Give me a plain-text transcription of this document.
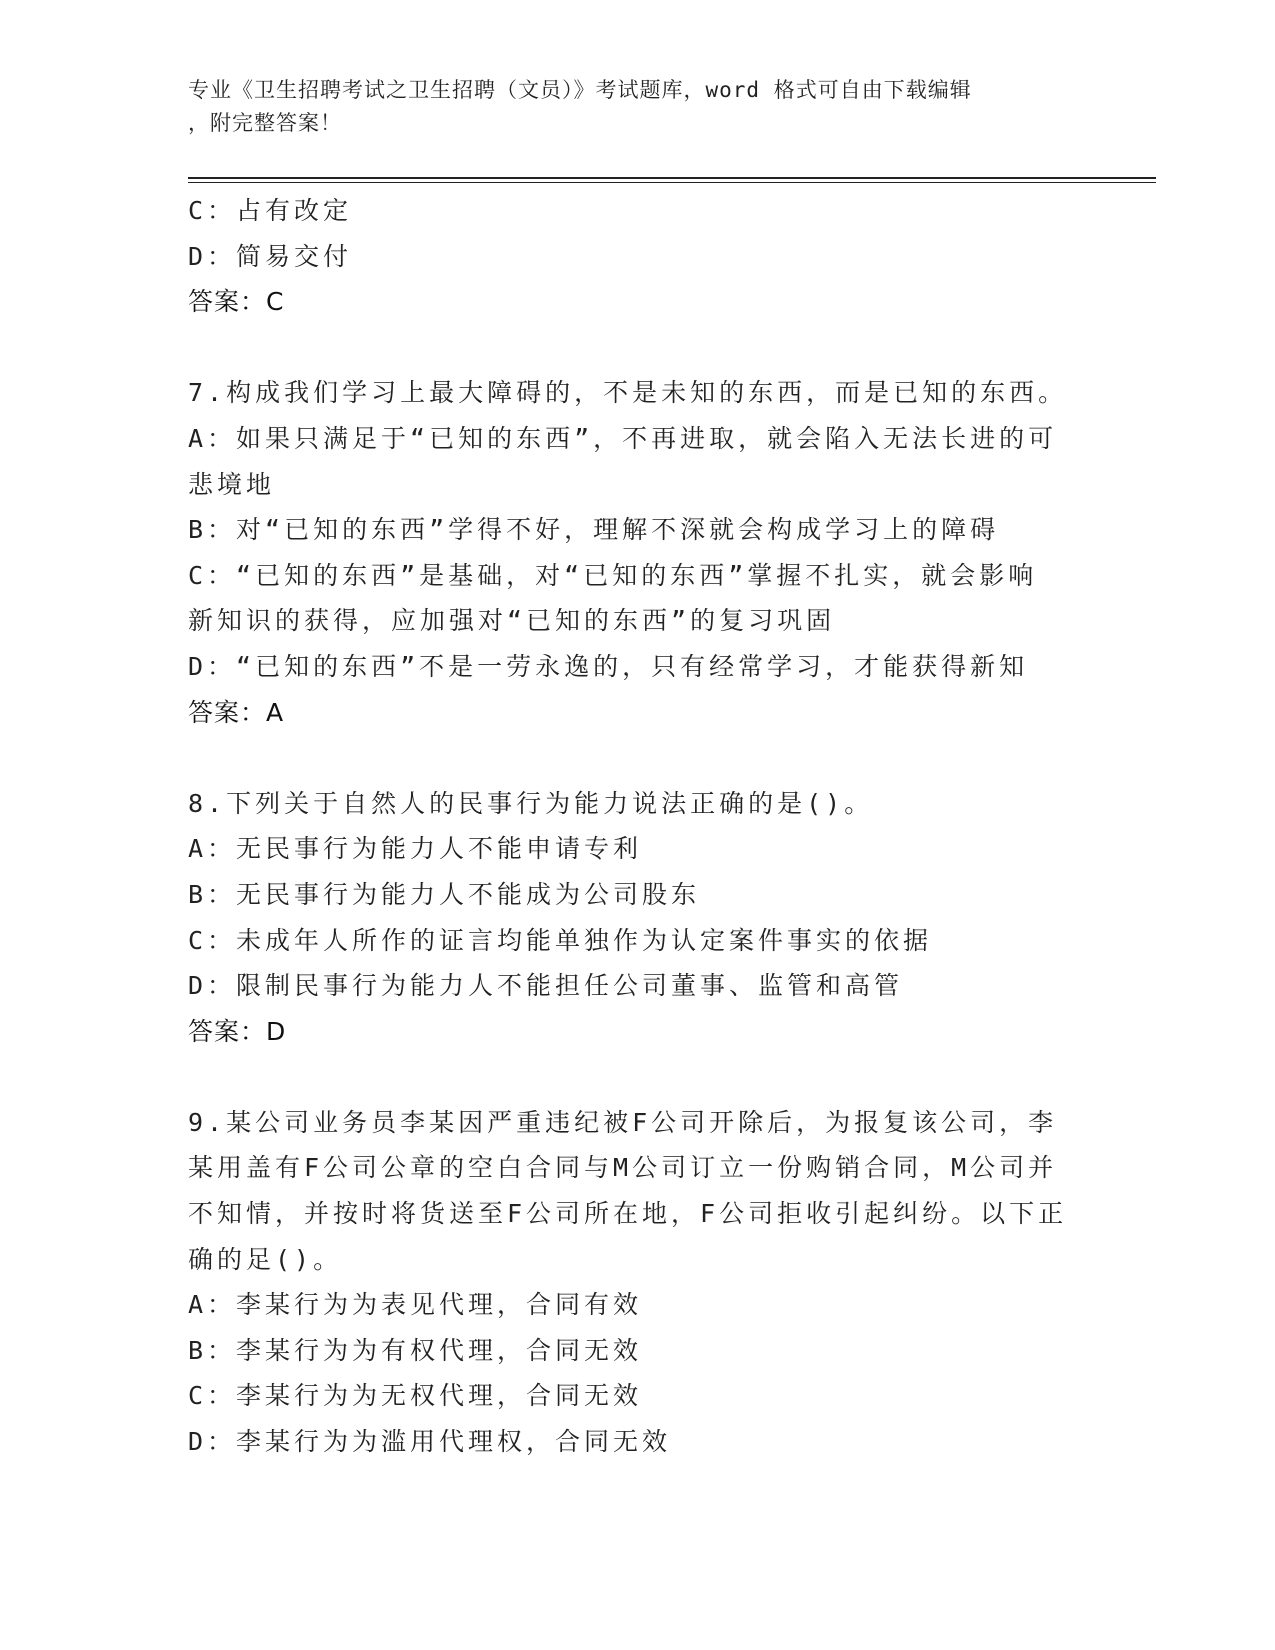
专业《卫生招聘考试之卫生招聘（文员）》考试题库，word 格式可自由下载编辑
，附完整答案！
C：占有改定
D：简易交付
答案：C
7.构成我们学习上最大障碍的，不是未知的东西，而是已知的东西。
A：如果只满足于“已知的东西”，不再进取，就会陷入无法长进的可
悲境地
B：对“已知的东西”学得不好，理解不深就会构成学习上的障碍
C：“已知的东西”是基础，对“已知的东西”掌握不扎实，就会影响
新知识的获得，应加强对“已知的东西”的复习巩固
D：“已知的东西”不是一劳永逸的，只有经常学习，才能获得新知
答案：A
8.下列关于自然人的民事行为能力说法正确的是()。
A：无民事行为能力人不能申请专利
B：无民事行为能力人不能成为公司股东
C：未成年人所作的证言均能单独作为认定案件事实的依据
D：限制民事行为能力人不能担任公司董事、监管和高管
答案：D
9.某公司业务员李某因严重违纪被F公司开除后，为报复该公司，李
某用盖有F公司公章的空白合同与M公司订立一份购销合同，M公司并
不知情，并按时将货送至F公司所在地，F公司拒收引起纠纷。以下正
确的足()。
A：李某行为为表见代理，合同有效
B：李某行为为有权代理，合同无效
C：李某行为为无权代理，合同无效
D：李某行为为滥用代理权，合同无效
